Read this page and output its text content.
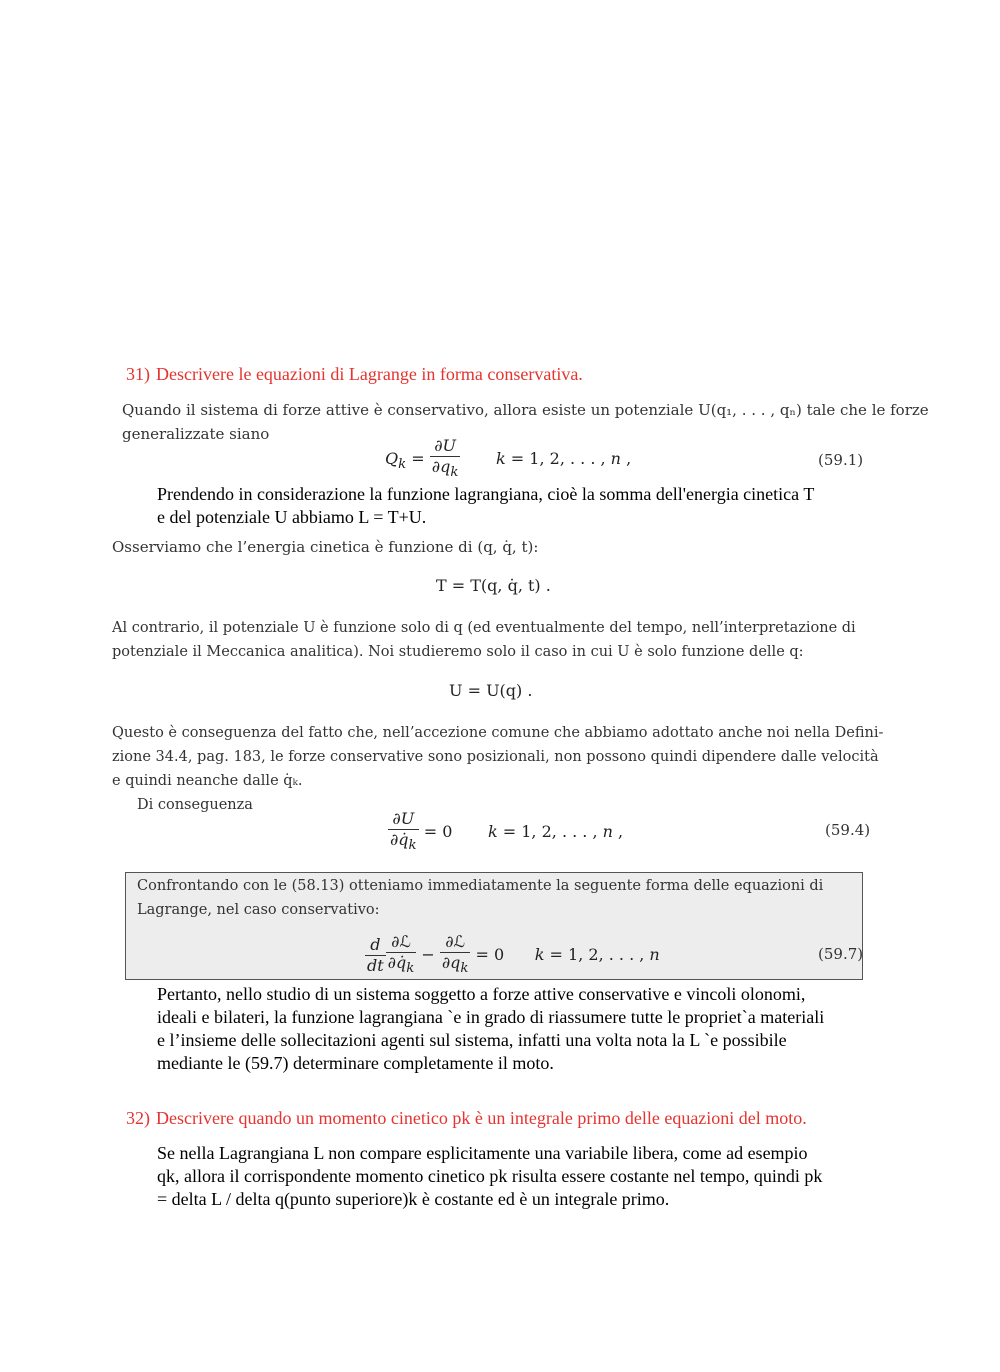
31) Descrivere le equazioni di Lagrange in forma conservativa.
Quando il sistema di forze attive è conservativo, allora esiste un potenziale U(q₁, . . . , qₙ) tale che le forze
generalizzate siano
$Q_k = \frac{\partial U}{\partial q_k}$ k = 1, 2, . . . , n ,	(59.1)
Prendendo in considerazione la funzione lagrangiana, cioè la somma dell'energia cinetica T
e del potenziale U abbiamo L = T+U.
Osserviamo che l’energia cinetica è funzione di (q, q̇, t):
T = T(q, q̇, t) .
Al contrario, il potenziale U è funzione solo di q (ed eventualmente del tempo, nell’interpretazione di
potenziale il Meccanica analitica). Noi studieremo solo il caso in cui U è solo funzione delle q:
U = U(q) .
Questo è conseguenza del fatto che, nell’accezione comune che abbiamo adottato anche noi nella Defini-
zione 34.4, pag. 183, le forze conservative sono posizionali, non possono quindi dipendere dalle velocità
e quindi neanche dalle q̇ₖ.
Di conseguenza
$\frac{\partial U}{\partial q̇_k} = 0$       k = 1, 2, . . . , n ,	(59.4)
Confrontando con le (58.13) otteniamo immediatamente la seguente forma delle equazioni di
Lagrange, nel caso conservativo:
$\frac{d}{dt} \frac{\text{∂ℒ}}{\partial q̇_k} - \frac{\text{∂ℒ}}{\partial q_k} = 0$      k = 1, 2, . . . , n	(59.7)
Pertanto, nello studio di un sistema soggetto a forze attive conservative e vincoli olonomi,
ideali e bilateri, la funzione lagrangiana `e in grado di riassumere tutte le propriet`a materiali
e l’insieme delle sollecitazioni agenti sul sistema, infatti una volta nota la L `e possibile
mediante le (59.7) determinare completamente il moto.
32) Descrivere quando un momento cinetico pk è un integrale primo delle equazioni del moto.
Se nella Lagrangiana L non compare esplicitamente una variabile libera, come ad esempio
qk, allora il corrispondente momento cinetico pk risulta essere costante nel tempo, quindi pk
= delta L / delta q(punto superiore)k è costante ed è un integrale primo.
